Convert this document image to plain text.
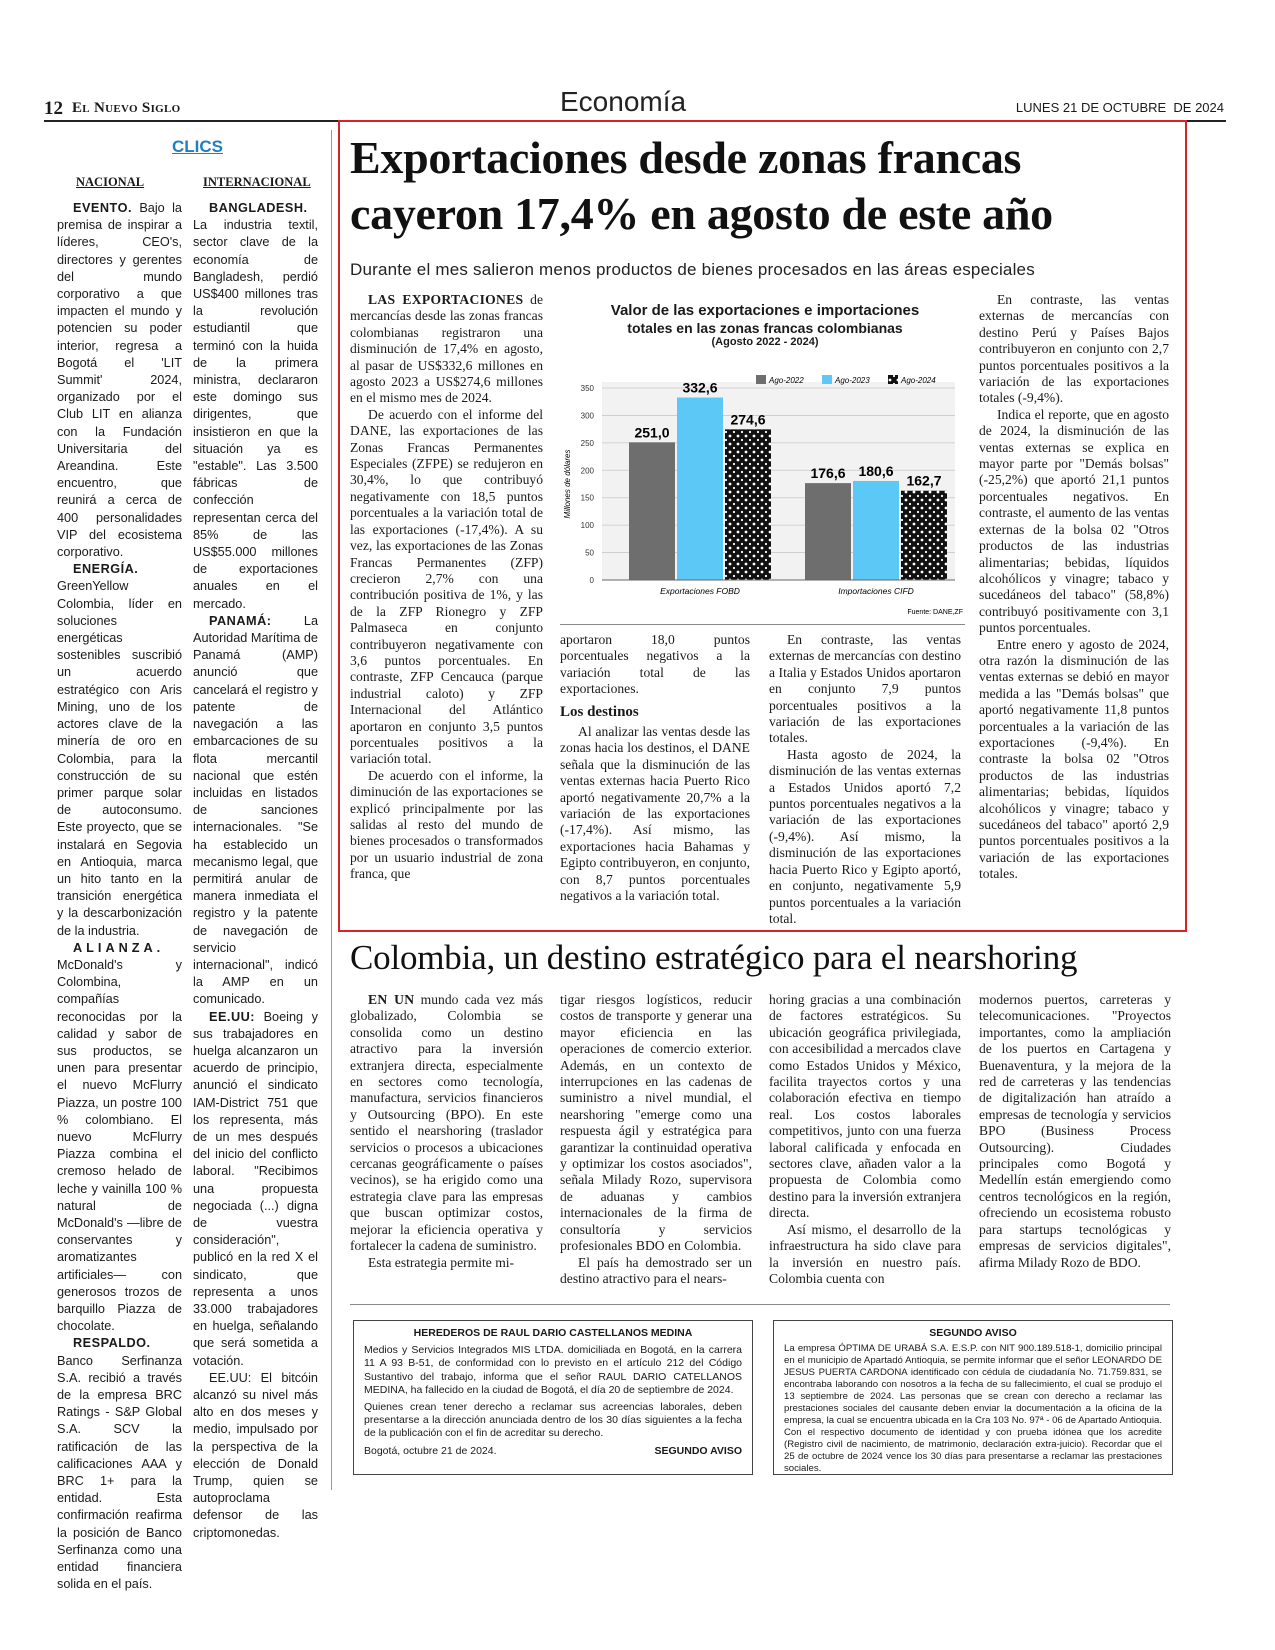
12 El Nuevo Siglo	Economía	LUNES 21 DE OCTUBRE  DE 2024
CLICS
NACIONAL	INTERNACIONAL

EVENTO. Bajo la premisa de inspirar a líderes, CEO's, directores y gerentes del mundo corporativo a que impacten el mundo y potencien su poder interior, regresa a Bogotá el 'LIT Summit' 2024, organizado por el Club LIT en alianza con la Fundación Universitaria del Areandina. Este encuentro, que reunirá a cerca de 400 personalidades VIP del ecosistema corporativo.

ENERGÍA. GreenYellow Colombia, líder en soluciones energéticas sostenibles suscribió un acuerdo estratégico con Aris Mining, uno de los actores clave de la minería de oro en Colombia, para la construcción de su primer parque solar de autoconsumo. Este proyecto, que se instalará en Segovia en Antioquia, marca un hito tanto en la transición energética y la descarbonización de la industria.

ALIANZA. McDonald's y Colombina, compañías reconocidas por la calidad y sabor de sus productos, se unen para presentar el nuevo McFlurry Piazza, un postre 100 % colombiano. El nuevo McFlurry Piazza combina el cremoso helado de leche y vainilla 100 % natural de McDonald's —libre de conservantes y aromatizantes artificiales— con generosos trozos de barquillo Piazza de chocolate.

RESPALDO. Banco Serfinanza S.A. recibió a través de la empresa BRC Ratings - S&P Global S.A. SCV la ratificación de las calificaciones AAA y BRC 1+ para la entidad. Esta confirmación reafirma la posición de Banco Serfinanza como una entidad financiera solida en el país.

BANGLADESH. La industria textil, sector clave de la economía de Bangladesh, perdió US$400 millones tras la revolución estudiantil que terminó con la huida de la primera ministra, declararon este domingo sus dirigentes, que insistieron en que la situación ya es "estable". Las 3.500 fábricas de confección representan cerca del 85% de las US$55.000 millones de exportaciones anuales en el mercado.

PANAMÁ: La Autoridad Marítima de Panamá (AMP) anunció que cancelará el registro y patente de navegación a las embarcaciones de su flota mercantil nacional que estén incluidas en listados de sanciones internacionales. "Se ha establecido un mecanismo legal, que permitirá anular de manera inmediata el registro y la patente de navegación de servicio internacional", indicó la AMP en un comunicado.

EE.UU: Boeing y sus trabajadores en huelga alcanzaron un acuerdo de principio, anunció el sindicato IAM-District 751 que los representa, más de un mes después del inicio del conflicto laboral. "Recibimos una propuesta negociada (...) digna de vuestra consideración", publicó en la red X el sindicato, que representa a unos 33.000 trabajadores en huelga, señalando que será sometida a votación.

EE.UU: El bitcóin alcanzó su nivel más alto en dos meses y medio, impulsado por la perspectiva de la elección de Donald Trump, quien se autoproclama defensor de las criptomonedas.

Exportaciones desde zonas francas
cayeron 17,4% en agosto de este año
Durante el mes salieron menos productos de bienes procesados en las áreas especiales

LAS EXPORTACIONES de mercancías desde las zonas francas colombianas registraron una disminución de 17,4% en agosto, al pasar de US$332,6 millones en agosto 2023 a US$274,6 millones en el mismo mes de 2024.

De acuerdo con el informe del DANE, las exportaciones de las Zonas Francas Permanentes Especiales (ZFPE) se redujeron en 30,4%, lo que contribuyó negativamente con 18,5 puntos porcentuales a la variación total de las exportaciones (-17,4%). A su vez, las exportaciones de las Zonas Francas Permanentes (ZFP) crecieron 2,7% con una contribución positiva de 1%, y las de la ZFP Rionegro y ZFP Palmaseca en conjunto contribuyeron negativamente con 3,6 puntos porcentuales. En contraste, ZFP Cencauca (parque industrial caloto) y ZFP Internacional del Atlántico aportaron en conjunto 3,5 puntos porcentuales positivos a la variación total.

De acuerdo con el informe, la diminución de las exportaciones se explicó principalmente por las salidas al resto del mundo de bienes procesados o transformados por un usuario industrial de zona franca, que

Valor de las exportaciones e importaciones
totales en las zonas francas colombianas
(Agosto 2022 - 2024)
0
50
100
150
200
250
300
350
Millones de dólares
Ago-2022	Ago-2023	Ago-2024
251,0
332,6
274,6
Exportaciones FOBD
176,6 180,6
162,7
Importaciones CIFD
Fuente: DANE,ZF

aportaron 18,0 puntos porcentuales negativos a la variación total de las exportaciones.

Los destinos

Al analizar las ventas desde las zonas hacia los destinos, el DANE señala que la disminución de las ventas externas hacia Puerto Rico aportó negativamente 20,7% a la variación de las exportaciones (-17,4%). Así mismo, las exportaciones hacia Bahamas y Egipto contribuyeron, en conjunto, con 8,7 puntos porcentuales negativos a la variación total.

En contraste, las ventas externas de mercancías con destino a Italia y Estados Unidos aportaron en conjunto 7,9 puntos porcentuales positivos a la variación de las exportaciones totales.

Hasta agosto de 2024, la disminución de las ventas externas a Estados Unidos aportó 7,2 puntos porcentuales negativos a la variación de las exportaciones (-9,4%). Así mismo, la disminución de las exportaciones hacia Puerto Rico y Egipto aportó, en conjunto, negativamente 5,9 puntos porcentuales a la variación total.

En contraste, las ventas externas de mercancías con destino Perú y Países Bajos contribuyeron en conjunto con 2,7 puntos porcentuales positivos a la variación de las exportaciones totales (-9,4%).

Indica el reporte, que en agosto de 2024, la disminución de las ventas externas se explica en mayor parte por "Demás bolsas" (-25,2%) que aportó 21,1 puntos porcentuales negativos. En contraste, el aumento de las ventas externas de la bolsa 02 "Otros productos de las industrias alimentarias; bebidas, líquidos alcohólicos y vinagre; tabaco y sucedáneos del tabaco" (58,8%) contribuyó positivamente con 3,1 puntos porcentuales.

Entre enero y agosto de 2024, otra razón la disminución de las ventas externas se debió en mayor medida a las "Demás bolsas" que aportó negativamente 11,8 puntos porcentuales a la variación de las exportaciones (-9,4%). En contraste la bolsa 02 "Otros productos de las industrias alimentarias; bebidas, líquidos alcohólicos y vinagre; tabaco y sucedáneos del tabaco" aportó 2,9 puntos porcentuales positivos a la variación de las exportaciones totales.

Colombia, un destino estratégico para el nearshoring

EN UN mundo cada vez más globalizado, Colombia se consolida como un destino atractivo para la inversión extranjera directa, especialmente en sectores como tecnología, manufactura, servicios financieros y Outsourcing (BPO). En este sentido el nearshoring (traslador servicios o procesos a ubicaciones cercanas geográficamente o países vecinos), se ha erigido como una estrategia clave para las empresas que buscan optimizar costos, mejorar la eficiencia operativa y fortalecer la cadena de suministro.

Esta estrategia permite mi-

tigar riesgos logísticos, reducir costos de transporte y generar una mayor eficiencia en las operaciones de comercio exterior. Además, en un contexto de interrupciones en las cadenas de suministro a nivel mundial, el nearshoring "emerge como una respuesta ágil y estratégica para garantizar la continuidad operativa y optimizar los costos asociados", señala Milady Rozo, supervisora de aduanas y cambios internacionales de la firma de consultoría y servicios profesionales BDO en Colombia.

El país ha demostrado ser un destino atractivo para el nears-

horing gracias a una combinación de factores estratégicos. Su ubicación geográfica privilegiada, con accesibilidad a mercados clave como Estados Unidos y México, facilita trayectos cortos y una colaboración efectiva en tiempo real. Los costos laborales competitivos, junto con una fuerza laboral calificada y enfocada en sectores clave, añaden valor a la propuesta de Colombia como destino para la inversión extranjera directa.

Así mismo, el desarrollo de la infraestructura ha sido clave para la inversión en nuestro país. Colombia cuenta con

modernos puertos, carreteras y telecomunicaciones. "Proyectos importantes, como la ampliación de los puertos en Cartagena y Buenaventura, y la mejora de la red de carreteras y las tendencias de digitalización han atraído a empresas de tecnología y servicios BPO (Business Process Outsourcing). Ciudades principales como Bogotá y Medellín están emergiendo como centros tecnológicos en la región, ofreciendo un ecosistema robusto para startups tecnológicas y empresas de servicios digitales", afirma Milady Rozo de BDO.

HEREDEROS DE RAUL DARIO CASTELLANOS MEDINA

Medios y Servicios Integrados MIS LTDA. domiciliada en Bogotá, en la carrera 11 A 93 B-51, de conformidad con lo previsto en el artículo 212 del Código Sustantivo del trabajo, informa que el señor RAUL DARIO CATELLANOS MEDINA, ha fallecido en la ciudad de Bogotá, el día 20 de septiembre de 2024.

Quienes crean tener derecho a reclamar sus acreencias laborales, deben presentarse a la dirección anunciada dentro de los 30 días siguientes a la fecha de la publicación con el fin de acreditar su derecho.

Bogotá, octubre 21 de 2024.	SEGUNDO AVISO
SEGUNDO AVISO

La empresa ÓPTIMA DE URABÁ S.A. E.S.P. con NIT 900.189.518-1, domicilio principal en el municipio de Apartadó Antioquia, se permite informar que el señor LEONARDO DE JESUS PUERTA CARDONA identificado con cédula de ciudadanía No. 71.759.831, se encontraba laborando con nosotros a la fecha de su fallecimiento, el cual se produjo el 13 septiembre de 2024. Las personas que se crean con derecho a reclamar las prestaciones sociales del causante deben enviar la documentación a la oficina de la empresa, la cual se encuentra ubicada en la Cra 103 No. 97ª - 06 de Apartado Antioquia. Con el respectivo documento de identidad y con prueba idónea que los acredite (Registro civil de nacimiento, de matrimonio, declaración extra-juicio). Recordar que el 25 de octubre de 2024 vence los 30 días para presentarse a reclamar las prestaciones sociales.
